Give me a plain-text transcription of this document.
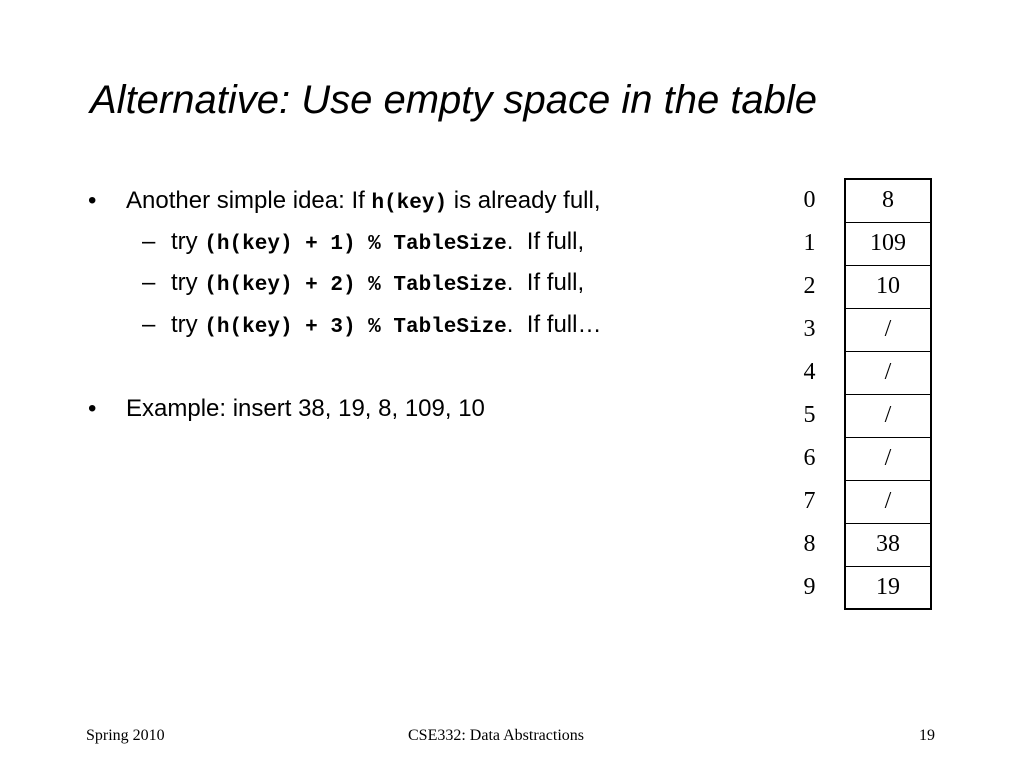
Alternative: Use empty space in the table
• Another simple idea: If h(key) is already full,
– try (h(key) + 1) % TableSize.  If full,
– try (h(key) + 2) % TableSize.  If full,
– try (h(key) + 3) % TableSize.  If full…
• Example: insert 38, 19, 8, 109, 10
0	8
1	109
2	10
3	/
4	/
5	/
6	/
7	/
8	38
9	19
Spring 2010	CSE332: Data Abstractions	19
